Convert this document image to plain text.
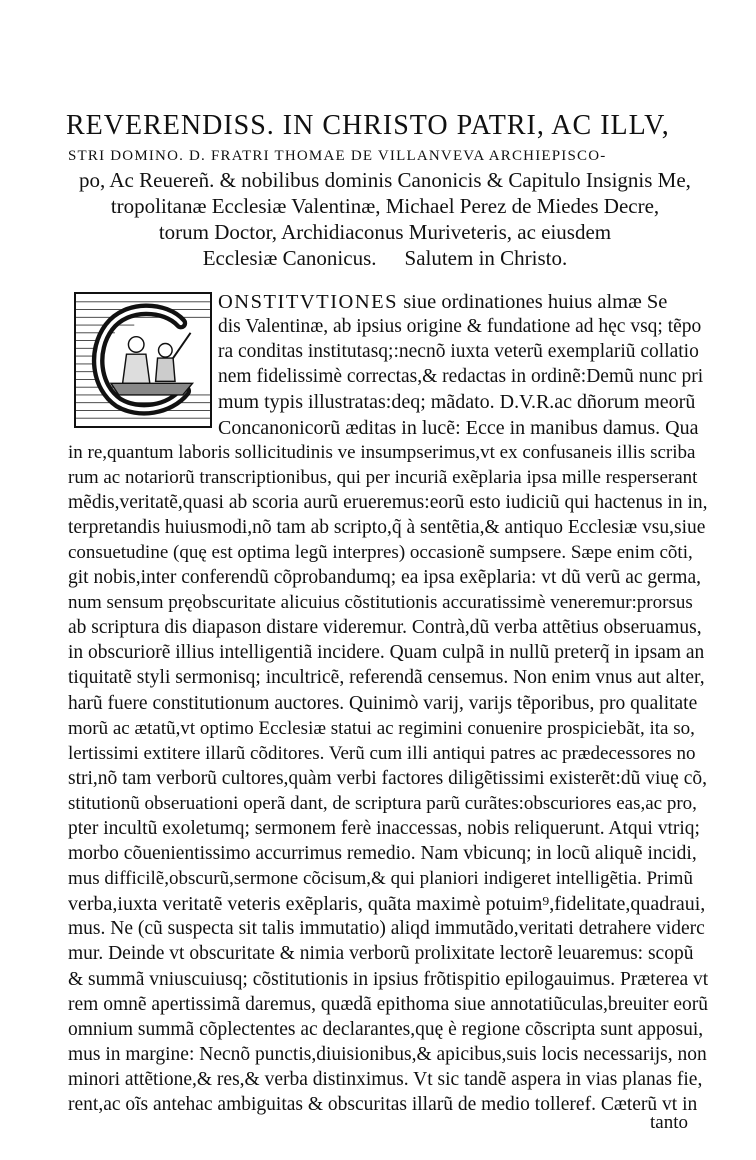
REVERENDISS. IN CHRISTO PATRI, AC ILLV,
STRI DOMINO. D. FRATRI THOMAE DE VILLANVEVA ARCHIEPISCO-
po, Ac Reuereñ. & nobilibus dominis Canonicis & Capitulo Insignis Me,
tropolitanæ Ecclesiæ Valentinæ, Michael Perez de Miedes Decre,
torum Doctor, Archidiaconus Muriveteris, ac eiusdem
Ecclesiæ Canonicus. Salutem in Christo.
ONSTITVTIONES siue ordinationes huius almæ Se
dis Valentinæ, ab ipsius origine & fundatione ad hęc vsq; tẽpo
ra conditas institutasq;:necnõ iuxta veterũ exemplariũ collatio
nem fidelissimè correctas,& redactas in ordinẽ:Demũ nunc pri
mum typis illustratas:deq; mãdato. D.V.R.ac dñorum meorũ
Concanonicorũ æditas in lucẽ: Ecce in manibus damus. Qua
in re,quantum laboris sollicitudinis ve insumpserimus,vt ex confusaneis illis scriba
rum ac notariorũ transcriptionibus, qui per incuriã exẽplaria ipsa mille resperserant
mẽdis,veritatẽ,quasi ab scoria aurũ erueremus:eorũ esto iudiciũ qui hactenus in in,
terpretandis huiusmodi,nõ tam ab scripto,q̃ à sentẽtia,& antiquo Ecclesiæ vsu,siue
consuetudine (quę est optima legũ interpres) occasionẽ sumpsere. Sæpe enim cõti,
git nobis,inter conferendũ cõprobandumq; ea ipsa exẽplaria: vt dũ verũ ac germa,
num sensum pręobscuritate alicuius cõstitutionis accuratissimè veneremur:prorsus
ab scriptura dis diapason distare videremur. Contrà,dũ verba attẽtius obseruamus,
in obscuriorẽ illius intelligentiã incidere. Quam culpã in nullũ preterq̃ in ipsam an
tiquitatẽ styli sermonisq; incultricẽ, referendã censemus. Non enim vnus aut alter,
harũ fuere constitutionum auctores. Quinimò varij, varijs tẽporibus, pro qualitate
morũ ac ætatũ,vt optimo Ecclesiæ statui ac regimini conuenire prospiciebãt, ita so,
lertissimi extitere illarũ cõditores. Verũ cum illi antiqui patres ac prædecessores no
stri,nõ tam verborũ cultores,quàm verbi factores diligẽtissimi existerẽt:dũ viuę cõ,
stitutionũ obseruationi operã dant, de scriptura parũ curãtes:obscuriores eas,ac pro,
pter incultũ exoletumq; sermonem ferè inaccessas, nobis reliquerunt. Atqui vtriq;
morbo cõuenientissimo accurrimus remedio. Nam vbicunq; in locũ aliquẽ incidi,
mus difficilẽ,obscurũ,sermone cõcisum,& qui planiori indigeret intelligẽtia. Primũ
verba,iuxta veritatẽ veteris exẽplaris, quãta maximè potuim⁹,fidelitate,quadraui,
mus. Ne (cũ suspecta sit talis immutatio) aliqd immutãdo,veritati detrahere viderc
mur. Deinde vt obscuritate & nimia verborũ prolixitate lectorẽ leuaremus: scopũ
& summã vniuscuiusq; cõstitutionis in ipsius frõtispitio epilogauimus. Præterea vt
rem omnẽ apertissimã daremus, quædã epithoma siue annotatiũculas,breuiter eorũ
omnium summã cõplectentes ac declarantes,quę è regione cõscripta sunt apposui,
mus in margine: Necnõ punctis,diuisionibus,& apicibus,suis locis necessarijs, non
minori attẽtione,& res,& verba distinximus. Vt sic tandẽ aspera in vias planas fie,
rent,ac oĩs antehac ambiguitas & obscuritas illarũ de medio tolleref. Cæterũ vt in
tanto
